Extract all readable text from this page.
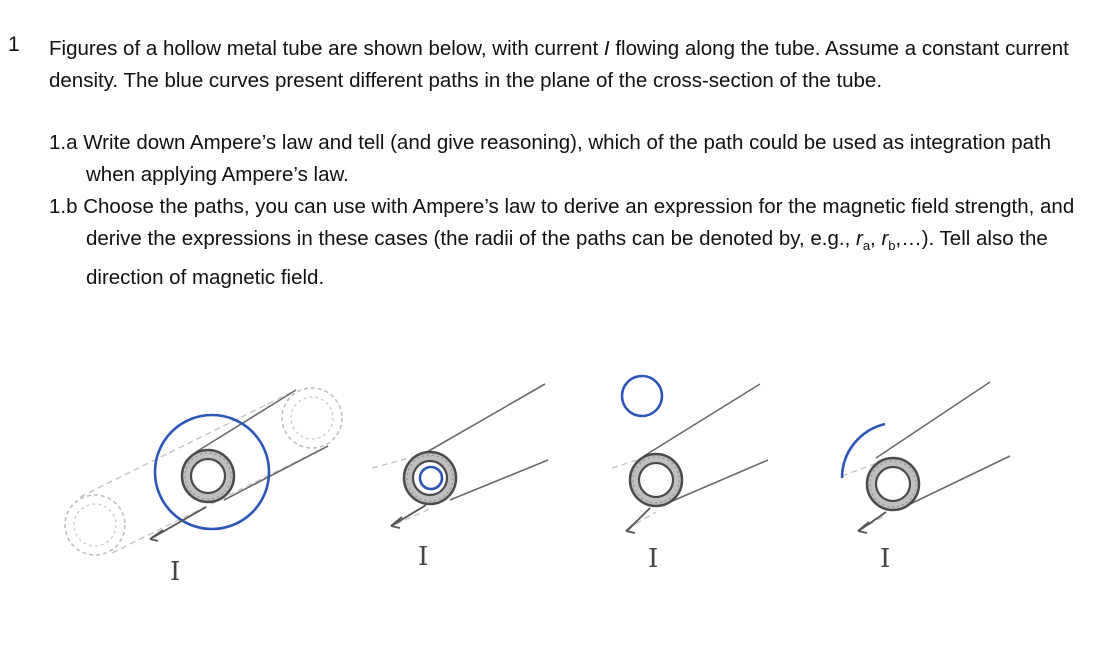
1 Figures of a hollow metal tube are shown below, with current I flowing along the tube. Assume a constant current density. The blue curves present different paths in the plane of the cross-section of the tube.
1.a Write down Ampere’s law and tell (and give reasoning), which of the path could be used as integration path when applying Ampere’s law.
1.b Choose the paths, you can use with Ampere’s law to derive an expression for the magnetic field strength, and derive the expressions in these cases (the radii of the paths can be denoted by, e.g., $r_a$, $r_b,\dots$). Tell also the direction of magnetic field.
I	I	I	I
